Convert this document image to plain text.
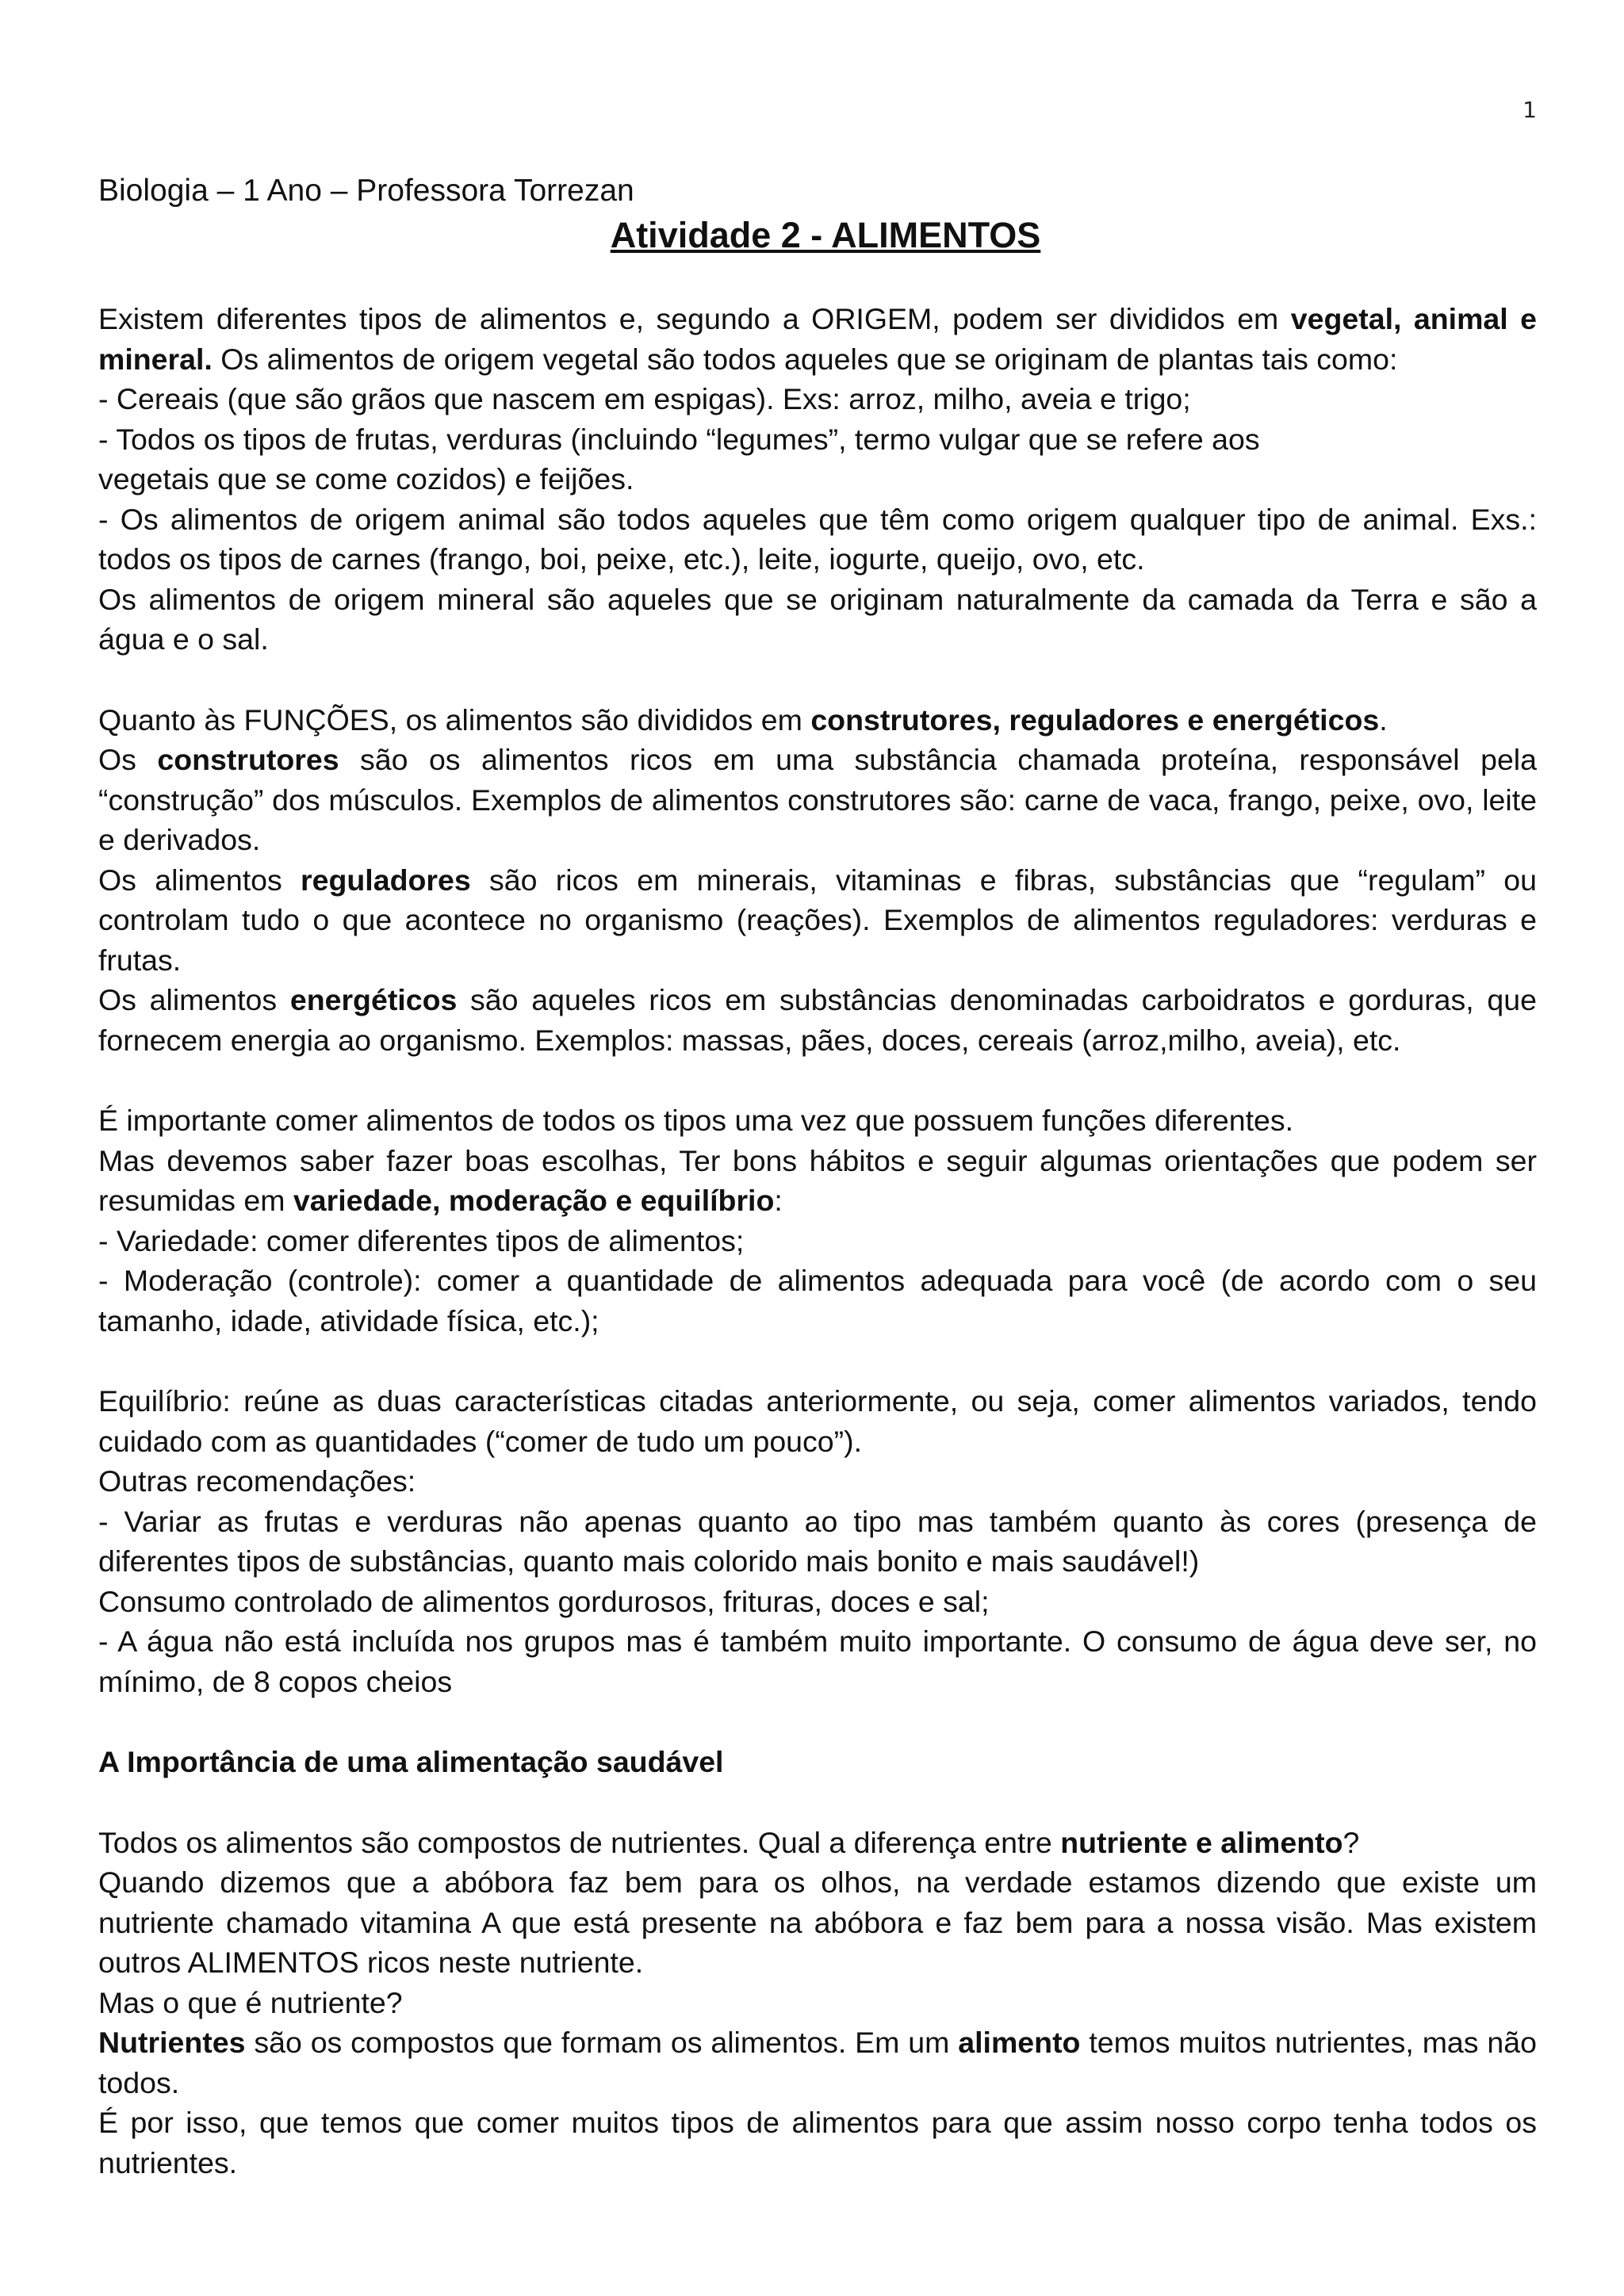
1
Biologia – 1 Ano – Professora Torrezan
Atividade 2 - ALIMENTOS

Existem diferentes tipos de alimentos e, segundo a ORIGEM, podem ser divididos em vegetal, animal e mineral. Os alimentos de origem vegetal são todos aqueles que se originam de plantas tais como:

- Cereais (que são grãos que nascem em espigas). Exs: arroz, milho, aveia e trigo;

- Todos os tipos de frutas, verduras (incluindo “legumes”, termo vulgar que se refere aos

vegetais que se come cozidos) e feijões.

- Os alimentos de origem animal são todos aqueles que têm como origem qualquer tipo de animal. Exs.: todos os tipos de carnes (frango, boi, peixe, etc.), leite, iogurte, queijo, ovo, etc.

Os alimentos de origem mineral são aqueles que se originam naturalmente da camada da Terra e são a água e o sal.

Quanto às FUNÇÕES, os alimentos são divididos em construtores, reguladores e energéticos.

Os construtores são os alimentos ricos em uma substância chamada proteína, responsável pela “construção” dos músculos. Exemplos de alimentos construtores são: carne de vaca, frango, peixe, ovo, leite e derivados.

Os alimentos reguladores são ricos em minerais, vitaminas e fibras, substâncias que “regulam” ou controlam tudo o que acontece no organismo (reações). Exemplos de alimentos reguladores: verduras e frutas.

Os alimentos energéticos são aqueles ricos em substâncias denominadas carboidratos e gorduras, que fornecem energia ao organismo. Exemplos: massas, pães, doces, cereais (arroz,milho, aveia), etc.

É importante comer alimentos de todos os tipos uma vez que possuem funções diferentes.

Mas devemos saber fazer boas escolhas, Ter bons hábitos e seguir algumas orientações que podem ser resumidas em variedade, moderação e equilíbrio:

- Variedade: comer diferentes tipos de alimentos;

- Moderação (controle): comer a quantidade de alimentos adequada para você (de acordo com o seu tamanho, idade, atividade física, etc.);

Equilíbrio: reúne as duas características citadas anteriormente, ou seja, comer alimentos variados, tendo cuidado com as quantidades (“comer de tudo um pouco”).

Outras recomendações:

- Variar as frutas e verduras não apenas quanto ao tipo mas também quanto às cores (presença de diferentes tipos de substâncias, quanto mais colorido mais bonito e mais saudável!)

Consumo controlado de alimentos gordurosos, frituras, doces e sal;

- A água não está incluída nos grupos mas é também muito importante. O consumo de água deve ser, no mínimo, de 8 copos cheios

A Importância de uma alimentação saudável

Todos os alimentos são compostos de nutrientes. Qual a diferença entre nutriente e alimento?

Quando dizemos que a abóbora faz bem para os olhos, na verdade estamos dizendo que existe um nutriente chamado vitamina A que está presente na abóbora e faz bem para a nossa visão. Mas existem outros ALIMENTOS ricos neste nutriente.

Mas o que é nutriente?

Nutrientes são os compostos que formam os alimentos. Em um alimento temos muitos nutrientes, mas não todos.

É por isso, que temos que comer muitos tipos de alimentos para que assim nosso corpo tenha todos os nutrientes.
